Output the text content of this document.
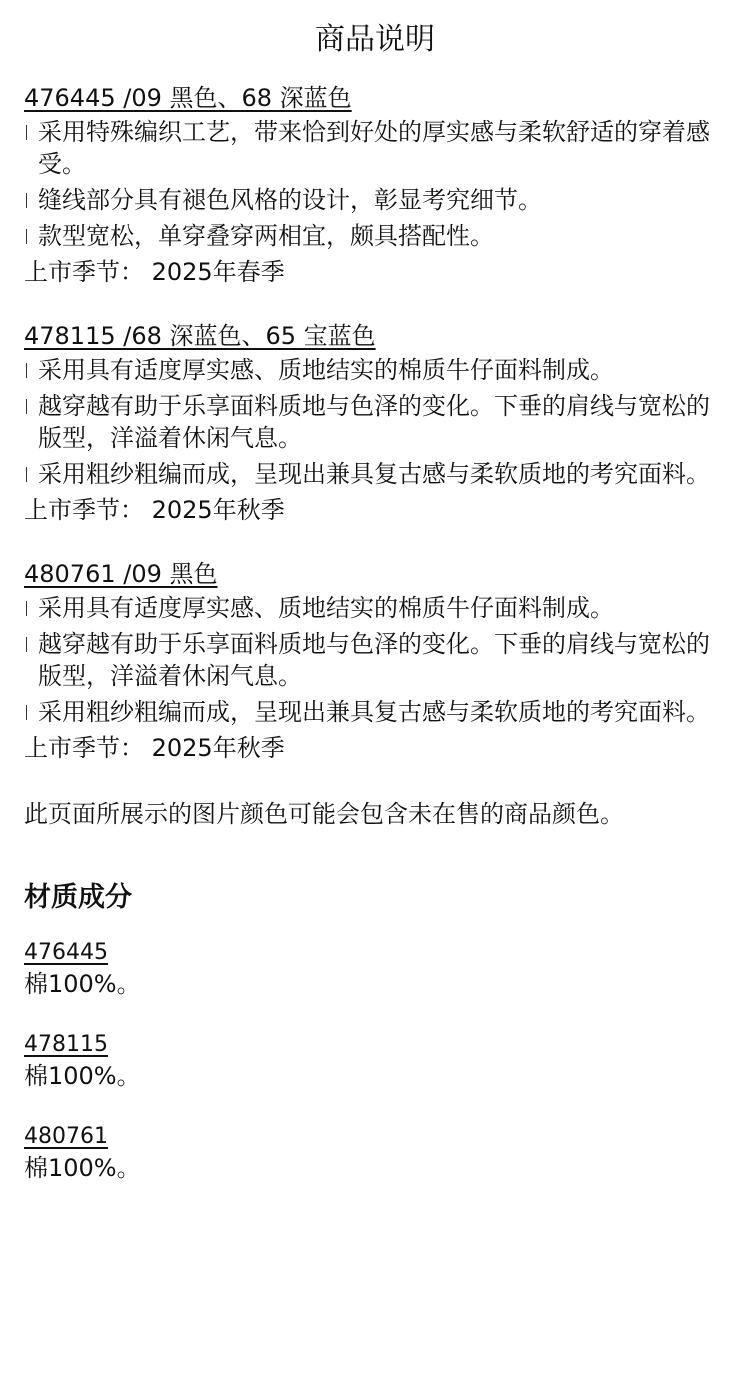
商品说明
476445 /09 黑色、68 深蓝色
采用特殊编织工艺，带来恰到好处的厚实感与柔软舒适的穿着感受。
缝线部分具有褪色风格的设计，彰显考究细节。
款型宽松，单穿叠穿两相宜，颇具搭配性。
上市季节： 2025年春季
478115 /68 深蓝色、65 宝蓝色
采用具有适度厚实感、质地结实的棉质牛仔面料制成。
越穿越有助于乐享面料质地与色泽的变化。下垂的肩线与宽松的版型，洋溢着休闲气息。
采用粗纱粗编而成，呈现出兼具复古感与柔软质地的考究面料。
上市季节： 2025年秋季
480761 /09 黑色
采用具有适度厚实感、质地结实的棉质牛仔面料制成。
越穿越有助于乐享面料质地与色泽的变化。下垂的肩线与宽松的版型，洋溢着休闲气息。
采用粗纱粗编而成，呈现出兼具复古感与柔软质地的考究面料。
上市季节： 2025年秋季
此页面所展示的图片颜色可能会包含未在售的商品颜色。
材质成分
476445
棉100%。
478115
棉100%。
480761
棉100%。
